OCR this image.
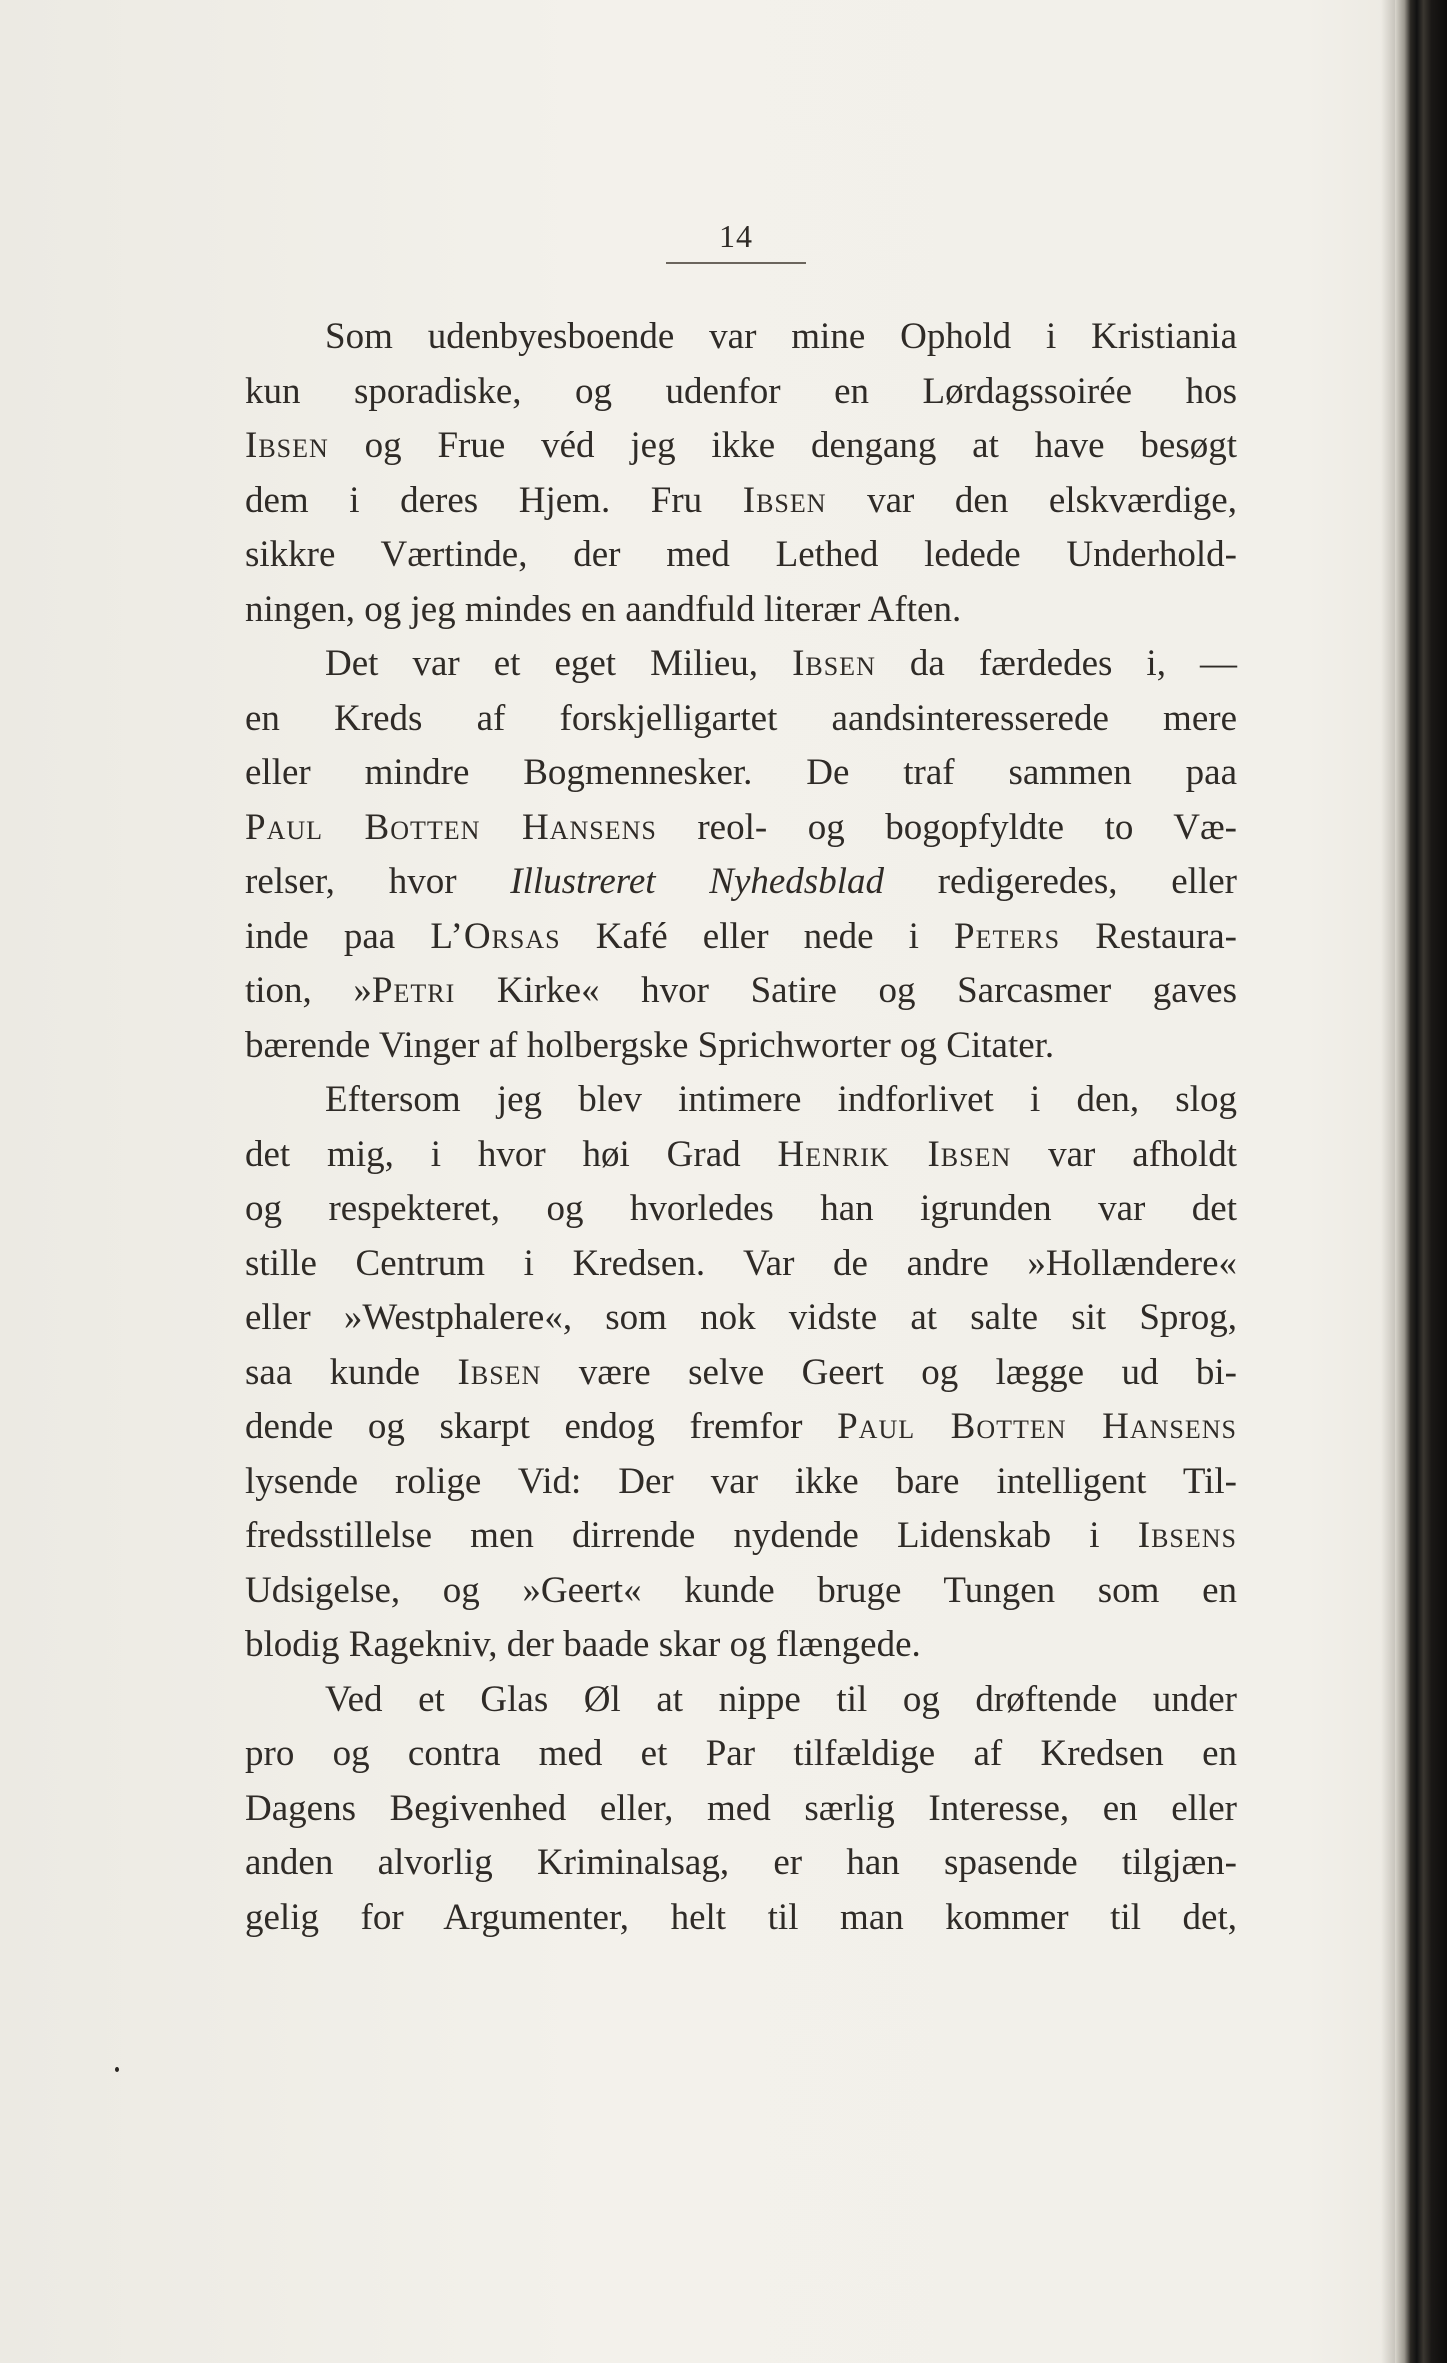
14
Som udenbyesboende var mine Ophold i Kristiania
kun sporadiske, og udenfor en Lørdagssoirée hos
Ibsen og Frue véd jeg ikke dengang at have besøgt
dem i deres Hjem. Fru Ibsen var den elskværdige,
sikkre Værtinde, der med Lethed ledede Underhold-
ningen, og jeg mindes en aandfuld literær Aften.
Det var et eget Milieu, Ibsen da færdedes i, —
en Kreds af forskjelligartet aandsinteresserede mere
eller mindre Bogmennesker. De traf sammen paa
Paul Botten Hansens reol- og bogopfyldte to Væ-
relser, hvor Illustreret Nyhedsblad redigeredes, eller
inde paa L’Orsas Kafé eller nede i Peters Restaura-
tion, »Petri Kirke« hvor Satire og Sarcasmer gaves
bærende Vinger af holbergske Sprichworter og Citater.
Eftersom jeg blev intimere indforlivet i den, slog
det mig, i hvor høi Grad Henrik Ibsen var afholdt
og respekteret, og hvorledes han igrunden var det
stille Centrum i Kredsen. Var de andre »Hollændere«
eller »Westphalere«, som nok vidste at salte sit Sprog,
saa kunde Ibsen være selve Geert og lægge ud bi-
dende og skarpt endog fremfor Paul Botten Hansens
lysende rolige Vid: Der var ikke bare intelligent Til-
fredsstillelse men dirrende nydende Lidenskab i Ibsens
Udsigelse, og »Geert« kunde bruge Tungen som en
blodig Ragekniv, der baade skar og flængede.
Ved et Glas Øl at nippe til og drøftende under
pro og contra med et Par tilfældige af Kredsen en
Dagens Begivenhed eller, med særlig Interesse, en eller
anden alvorlig Kriminalsag, er han spasende tilgjæn-
gelig for Argumenter, helt til man kommer til det,
